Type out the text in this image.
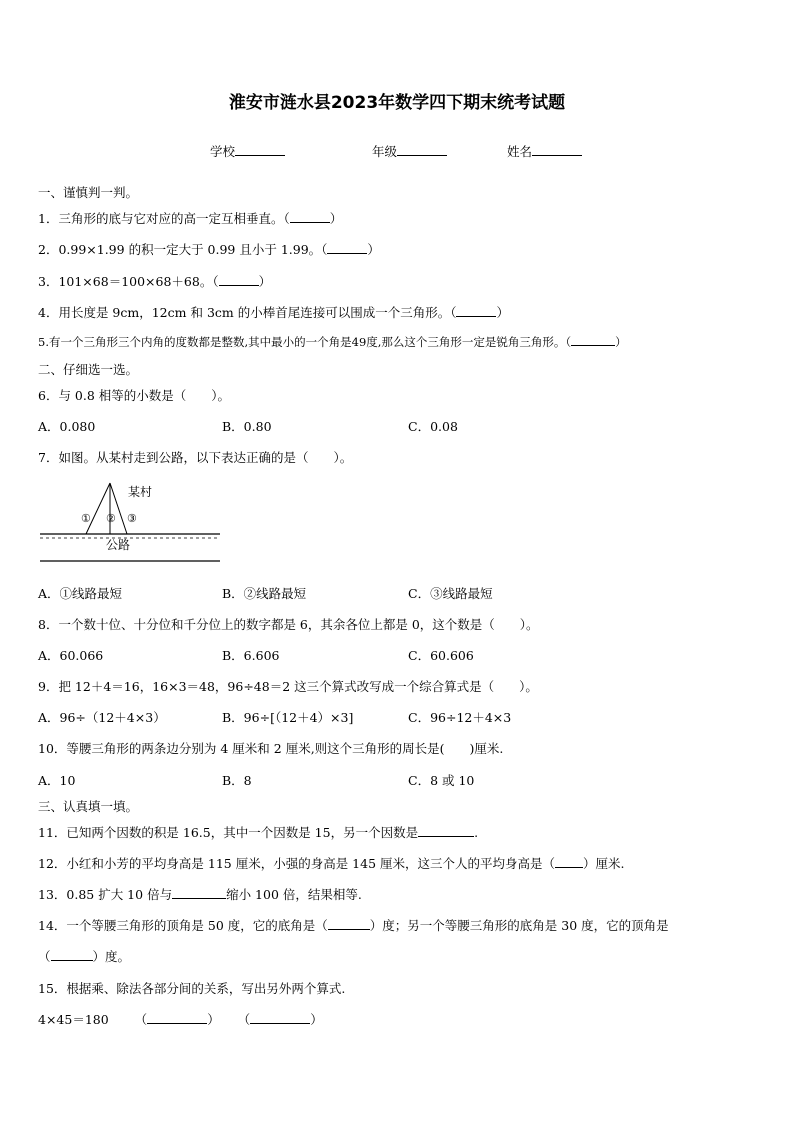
淮安市涟水县2023年数学四下期末统考试题
学校	年级	姓名
一、谨慎判一判。
1．三角形的底与它对应的高一定互相垂直。（	）
2．0.99×1.99 的积一定大于 0.99 且小于 1.99。（	）
3．101×68＝100×68＋68。（	）
4．用长度是 9cm，12cm 和 3cm 的小棒首尾连接可以围成一个三角形。（	）
5.有一个三角形三个内角的度数都是整数,其中最小的一个角是49度,那么这个三角形一定是锐角三角形。（	）
二、仔细选一选。
6．与 0.8 相等的小数是（　　）。
A．0.080	B．0.80	C．0.08
7．如图。从某村走到公路，以下表达正确的是（　　）。
某村
① ② ③
公路
A．①线路最短	B．②线路最短	C．③线路最短
8．一个数十位、十分位和千分位上的数字都是 6，其余各位上都是 0，这个数是（　　）。
A．60.066	B．6.606	C．60.606
9．把 12＋4＝16，16×3＝48，96÷48＝2 这三个算式改写成一个综合算式是（　　）。
A．96÷（12＋4×3）	B．96÷[（12＋4）×3]	C．96÷12＋4×3
10．等腰三角形的两条边分别为 4 厘米和 2 厘米,则这个三角形的周长是(　　)厘米.
A．10	B．8	C．8 或 10
三、认真填一填。
11．已知两个因数的积是 16.5，其中一个因数是 15，另一个因数是	.
12．小红和小芳的平均身高是 115 厘米，小强的身高是 145 厘米，这三个人的平均身高是（ ）厘米.
13．0.85 扩大 10 倍与	缩小 100 倍，结果相等.
14．一个等腰三角形的顶角是 50 度，它的底角是（	）度；另一个等腰三角形的底角是 30 度，它的顶角是
（	）度。
15．根据乘、除法各部分间的关系，写出另外两个算式.
4×45＝180 （	） （	）
